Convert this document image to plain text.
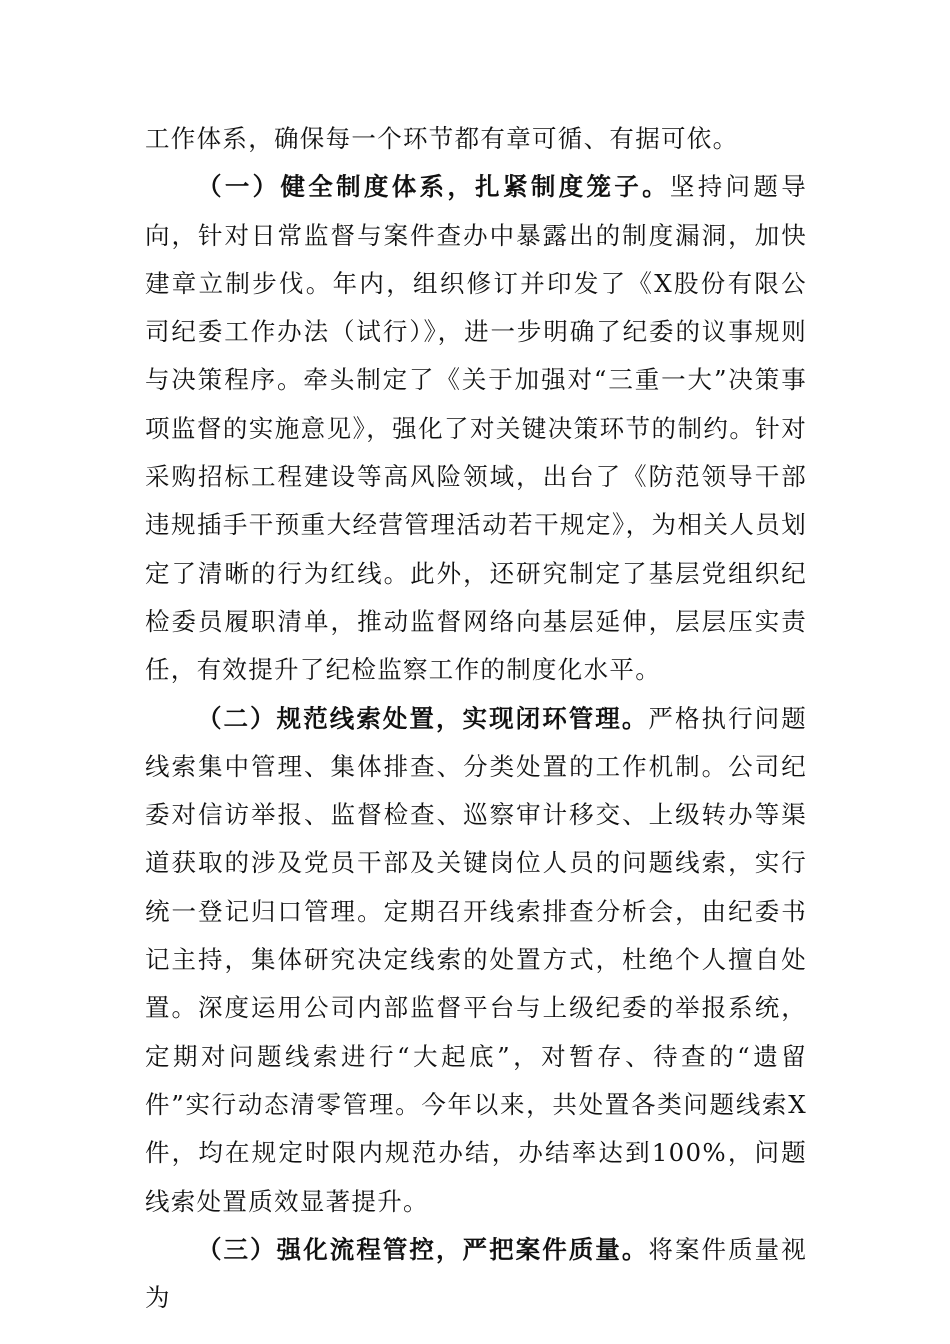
工作体系，确保每一个环节都有章可循、有据可依。

（一）健全制度体系，扎紧制度笼子。坚持问题导向，针对日常监督与案件查办中暴露出的制度漏洞，加快建章立制步伐。年内，组织修订并印发了《X股份有限公司纪委工作办法（试行）》，进一步明确了纪委的议事规则与决策程序。牵头制定了《关于加强对“三重一大”决策事项监督的实施意见》，强化了对关键决策环节的制约。针对采购招标工程建设等高风险领域，出台了《防范领导干部违规插手干预重大经营管理活动若干规定》，为相关人员划定了清晰的行为红线。此外，还研究制定了基层党组织纪检委员履职清单，推动监督网络向基层延伸，层层压实责任，有效提升了纪检监察工作的制度化水平。

（二）规范线索处置，实现闭环管理。严格执行问题线索集中管理、集体排查、分类处置的工作机制。公司纪委对信访举报、监督检查、巡察审计移交、上级转办等渠道获取的涉及党员干部及关键岗位人员的问题线索，实行统一登记归口管理。定期召开线索排查分析会，由纪委书记主持，集体研究决定线索的处置方式，杜绝个人擅自处置。深度运用公司内部监督平台与上级纪委的举报系统，定期对问题线索进行“大起底”，对暂存、待查的“遗留件”实行动态清零管理。今年以来，共处置各类问题线索X件，均在规定时限内规范办结，办结率达到100%，问题线索处置质效显著提升。

（三）强化流程管控，严把案件质量。将案件质量视为
